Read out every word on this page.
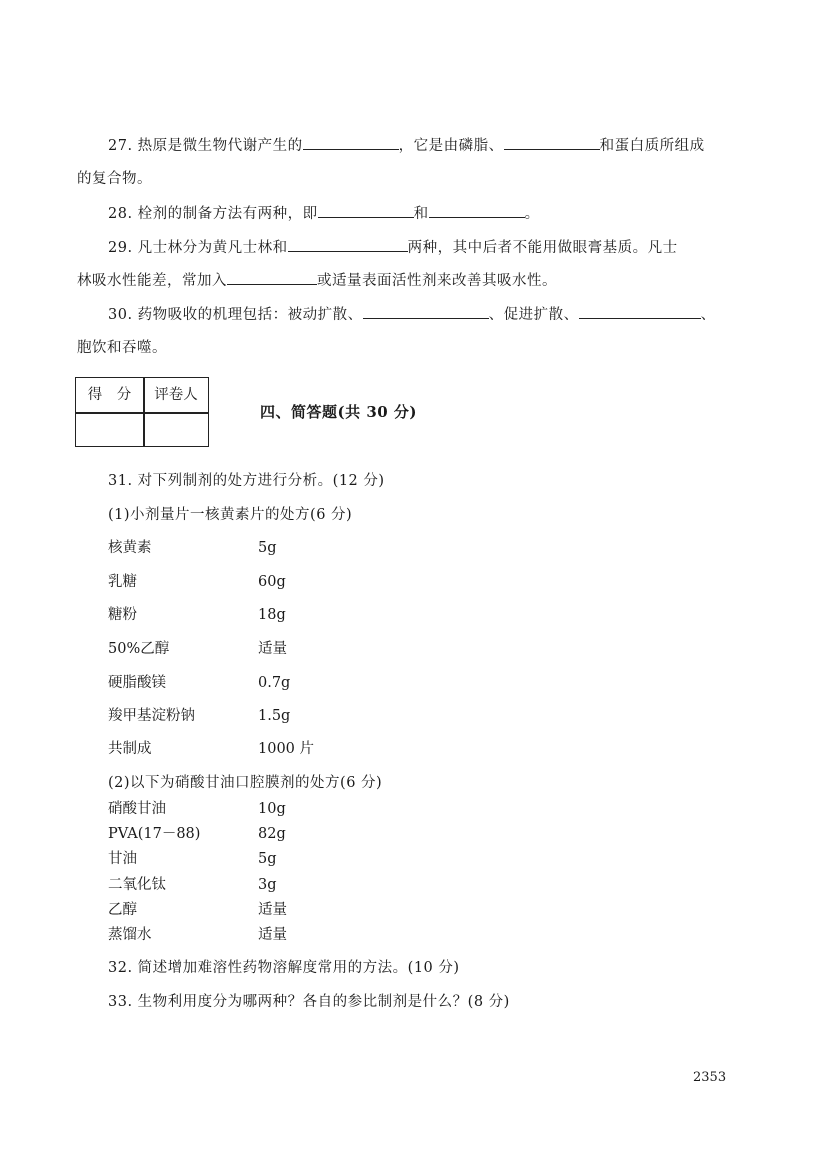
27. 热原是微生物代谢产生的	，它是由磷脂、	和蛋白质所组成
的复合物。
28. 栓剂的制备方法有两种，即	和	。
29. 凡士林分为黄凡士林和	两种，其中后者不能用做眼膏基质。凡士
林吸水性能差，常加入	或适量表面活性剂来改善其吸水性。
30. 药物吸收的机理包括：被动扩散、	、促进扩散、	、
胞饮和吞噬。
得　分	评卷人
四、简答题(共 30 分)
31. 对下列制剂的处方进行分析。(12 分)
(1)小剂量片一核黄素片的处方(6 分)
核黄素	5g
乳糖	60g
糖粉	18g
50%乙醇	适量
硬脂酸镁	0.7g
羧甲基淀粉钠	1.5g
共制成	1000 片
(2)以下为硝酸甘油口腔膜剂的处方(6 分)
硝酸甘油	10g
PVA(17－88)	82g
甘油	5g
二氧化钛	3g
乙醇	适量
蒸馏水	适量
32. 简述增加难溶性药物溶解度常用的方法。(10 分)
33. 生物利用度分为哪两种？各自的参比制剂是什么？(8 分)
2353
